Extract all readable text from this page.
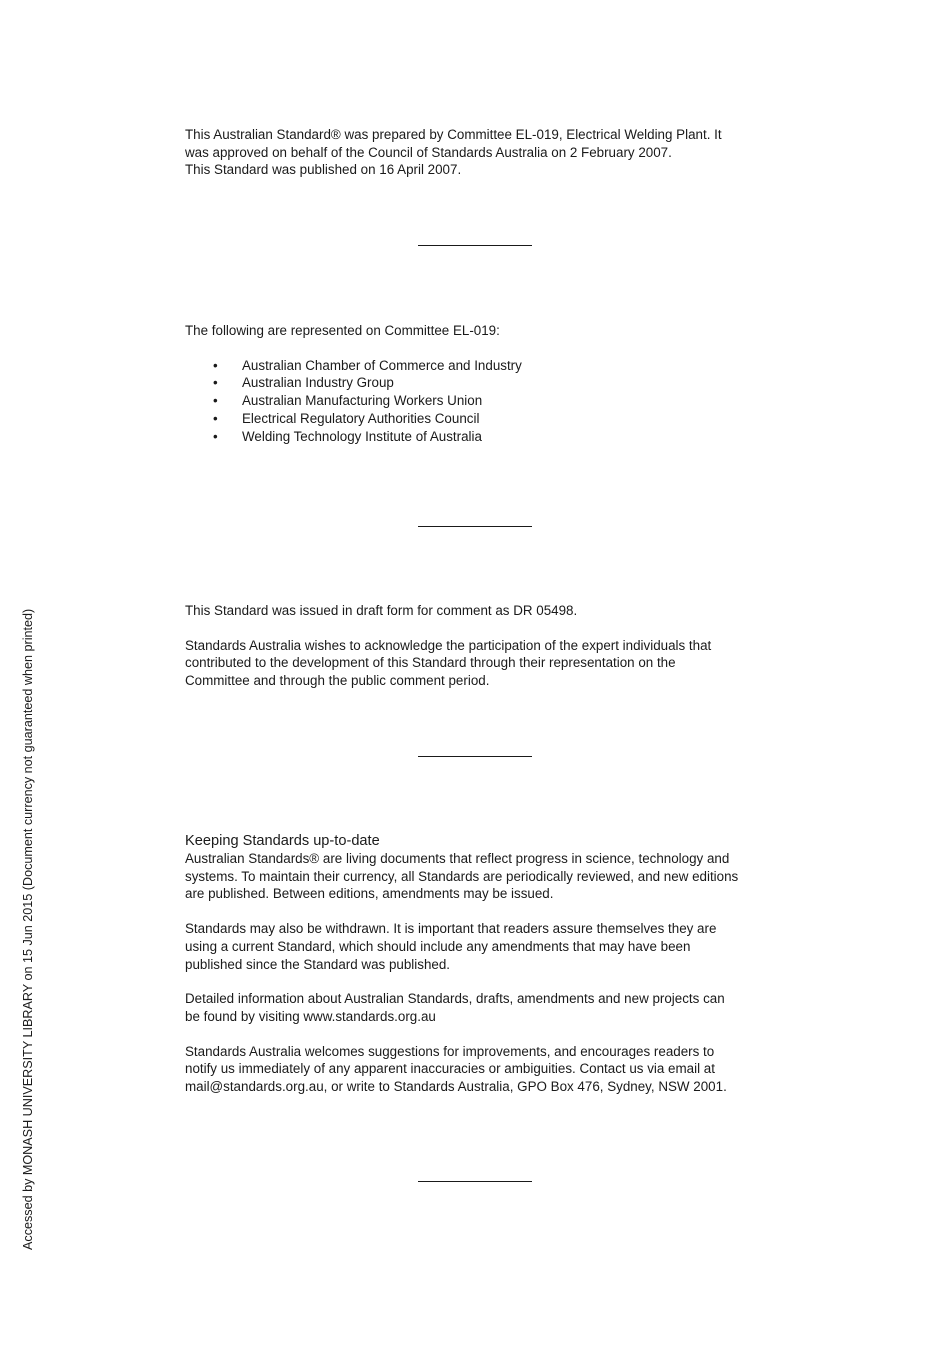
This Australian Standard® was prepared by Committee EL-019, Electrical Welding Plant. It
was approved on behalf of the Council of Standards Australia on 2 February 2007.
This Standard was published on 16 April 2007.

The following are represented on Committee EL-019:

• Australian Chamber of Commerce and Industry
• Australian Industry Group
• Australian Manufacturing Workers Union
• Electrical Regulatory Authorities Council
• Welding Technology Institute of Australia

This Standard was issued in draft form for comment as DR 05498.

Standards Australia wishes to acknowledge the participation of the expert individuals that
contributed to the development of this Standard through their representation on the
Committee and through the public comment period.

Keeping Standards up-to-date

Australian Standards® are living documents that reflect progress in science, technology and
systems. To maintain their currency, all Standards are periodically reviewed, and new editions
are published. Between editions, amendments may be issued.

Standards may also be withdrawn. It is important that readers assure themselves they are
using a current Standard, which should include any amendments that may have been
published since the Standard was published.

Detailed information about Australian Standards, drafts, amendments and new projects can
be found by visiting www.standards.org.au

Standards Australia welcomes suggestions for improvements, and encourages readers to
notify us immediately of any apparent inaccuracies or ambiguities. Contact us via email at
mail@standards.org.au, or write to Standards Australia, GPO Box 476, Sydney, NSW 2001.

Accessed by MONASH UNIVERSITY LIBRARY on 15 Jun 2015 (Document currency not guaranteed when printed)
